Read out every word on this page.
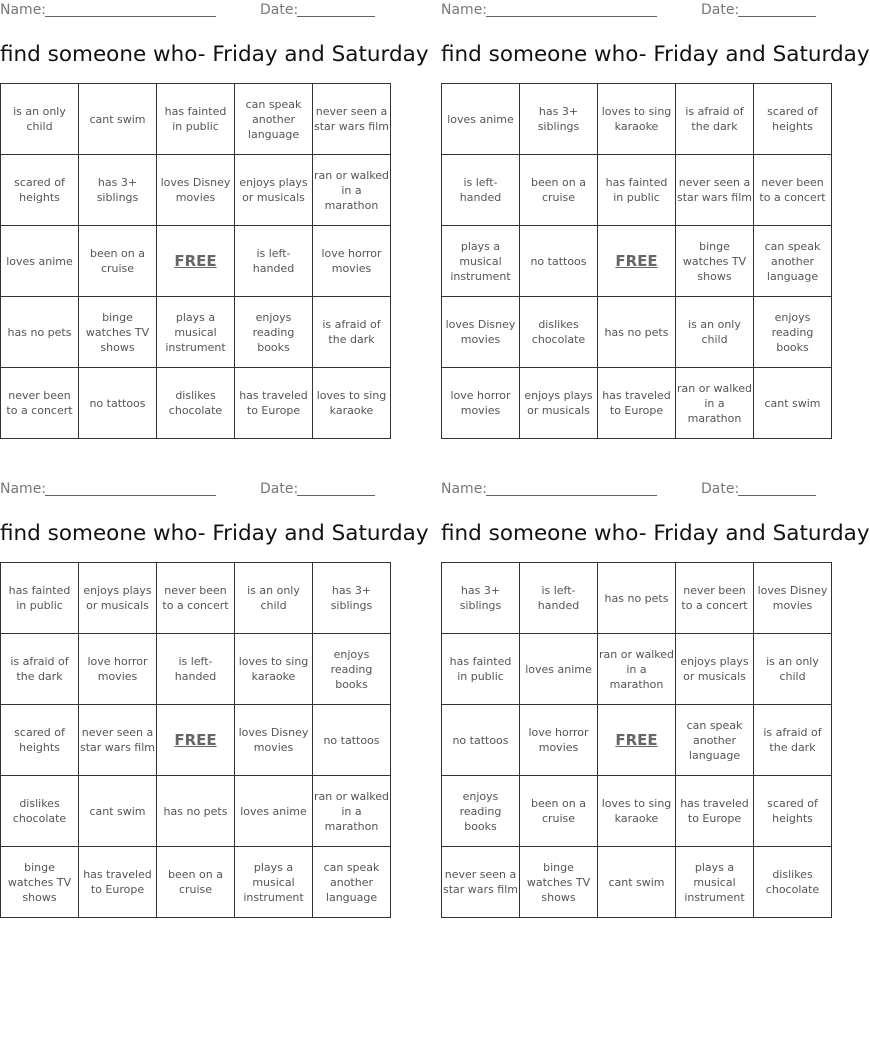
Name:	Date:
find someone who- Friday and Saturday
is an only child	cant swim	has fainted in public	can speak another language	never seen a star wars film
scared of heights	has 3+ siblings	loves Disney movies	enjoys plays or musicals	ran or walked in a marathon
loves anime	been on a cruise	FREE	is left-handed	love horror movies
has no pets	binge watches TV shows	plays a musical instrument	enjoys reading books	is afraid of the dark
never been to a concert	no tattoos	dislikes chocolate	has traveled to Europe	loves to sing karaoke
Name:	Date:
find someone who- Friday and Saturday
loves anime	has 3+ siblings	loves to sing karaoke	is afraid of the dark	scared of heights
is left-handed	been on a cruise	has fainted in public	never seen a star wars film	never been to a concert
plays a musical instrument	no tattoos	FREE	binge watches TV shows	can speak another language
loves Disney movies	dislikes chocolate	has no pets	is an only child	enjoys reading books
love horror movies	enjoys plays or musicals	has traveled to Europe	ran or walked in a marathon	cant swim
Name:	Date:
find someone who- Friday and Saturday
has fainted in public	enjoys plays or musicals	never been to a concert	is an only child	has 3+ siblings
is afraid of the dark	love horror movies	is left-handed	loves to sing karaoke	enjoys reading books
scared of heights	never seen a star wars film	FREE	loves Disney movies	no tattoos
dislikes chocolate	cant swim	has no pets	loves anime	ran or walked in a marathon
binge watches TV shows	has traveled to Europe	been on a cruise	plays a musical instrument	can speak another language
Name:	Date:
find someone who- Friday and Saturday
has 3+ siblings	is left-handed	has no pets	never been to a concert	loves Disney movies
has fainted in public	loves anime	ran or walked in a marathon	enjoys plays or musicals	is an only child
no tattoos	love horror movies	FREE	can speak another language	is afraid of the dark
enjoys reading books	been on a cruise	loves to sing karaoke	has traveled to Europe	scared of heights
never seen a star wars film	binge watches TV shows	cant swim	plays a musical instrument	dislikes chocolate
